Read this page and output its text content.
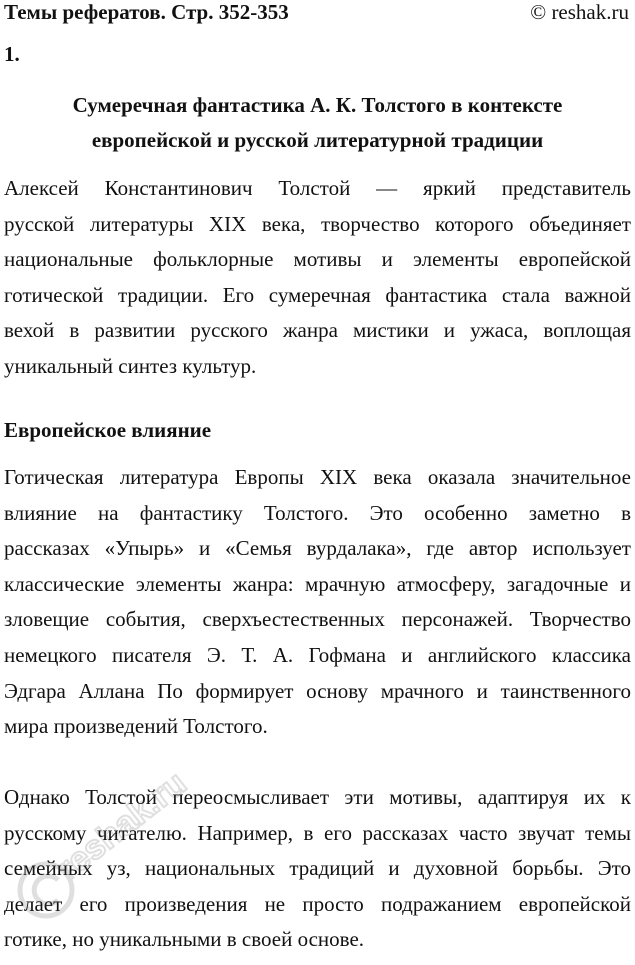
Темы рефератов. Стр. 352-353	© reshak.ru
1.
Сумеречная фантастика А. К. Толстого в контексте
европейской и русской литературной традиции
Алексей Константинович Толстой — яркий представитель
русской литературы XIX века, творчество которого объединяет
национальные фольклорные мотивы и элементы европейской
готической традиции. Его сумеречная фантастика стала важной
вехой в развитии русского жанра мистики и ужаса, воплощая
уникальный синтез культур.
Европейское влияние
Готическая литература Европы XIX века оказала значительное
влияние на фантастику Толстого. Это особенно заметно в
рассказах «Упырь» и «Семья вурдалака», где автор использует
классические элементы жанра: мрачную атмосферу, загадочные и
зловещие события, сверхъестественных персонажей. Творчество
немецкого писателя Э. Т. А. Гофмана и английского классика
Эдгара Аллана По формирует основу мрачного и таинственного
мира произведений Толстого.
Однако Толстой переосмысливает эти мотивы, адаптируя их к
русскому читателю. Например, в его рассказах часто звучат темы
семейных уз, национальных традиций и духовной борьбы. Это
делает его произведения не просто подражанием европейской
готике, но уникальными в своей основе.
reshak.ru
